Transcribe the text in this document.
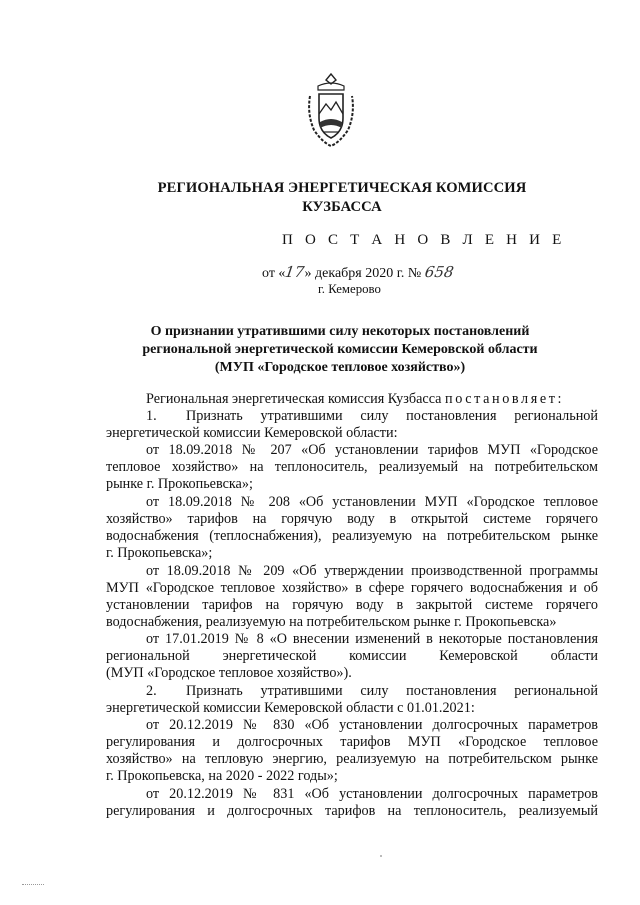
РЕГИОНАЛЬНАЯ ЭНЕРГЕТИЧЕСКАЯ КОМИССИЯ
КУЗБАССА
П О С Т А Н О В Л Е Н И Е
от «17» декабря 2020 г. № 658
г. Кемерово
О признании утратившими силу некоторых постановлений
региональной энергетической комиссии Кемеровской области
(МУП «Городское тепловое хозяйство»)
Региональная энергетическая комиссия Кузбасса постановляет:
1. Признать утратившими силу постановления региональной
энергетической комиссии Кемеровской области:
от 18.09.2018 № 207 «Об установлении тарифов МУП «Городское
тепловое хозяйство» на теплоноситель, реализуемый на потребительском
рынке г. Прокопьевска»;
от 18.09.2018 № 208 «Об установлении МУП «Городское тепловое
хозяйство» тарифов на горячую воду в открытой системе горячего
водоснабжения (теплоснабжения), реализуемую на потребительском рынке
г. Прокопьевска»;
от 18.09.2018 № 209 «Об утверждении производственной программы
МУП «Городское тепловое хозяйство» в сфере горячего водоснабжения и об
установлении тарифов на горячую воду в закрытой системе горячего
водоснабжения, реализуемую на потребительском рынке г. Прокопьевска»
от 17.01.2019 № 8 «О внесении изменений в некоторые постановления
региональной энергетической комиссии Кемеровской области
(МУП «Городское тепловое хозяйство»).
2. Признать утратившими силу постановления региональной
энергетической комиссии Кемеровской области с 01.01.2021:
от 20.12.2019 № 830 «Об установлении долгосрочных параметров
регулирования и долгосрочных тарифов МУП «Городское тепловое
хозяйство» на тепловую энергию, реализуемую на потребительском рынке
г. Прокопьевска, на 2020 - 2022 годы»;
от 20.12.2019 № 831 «Об установлении долгосрочных параметров
регулирования и долгосрочных тарифов на теплоноситель, реализуемый
